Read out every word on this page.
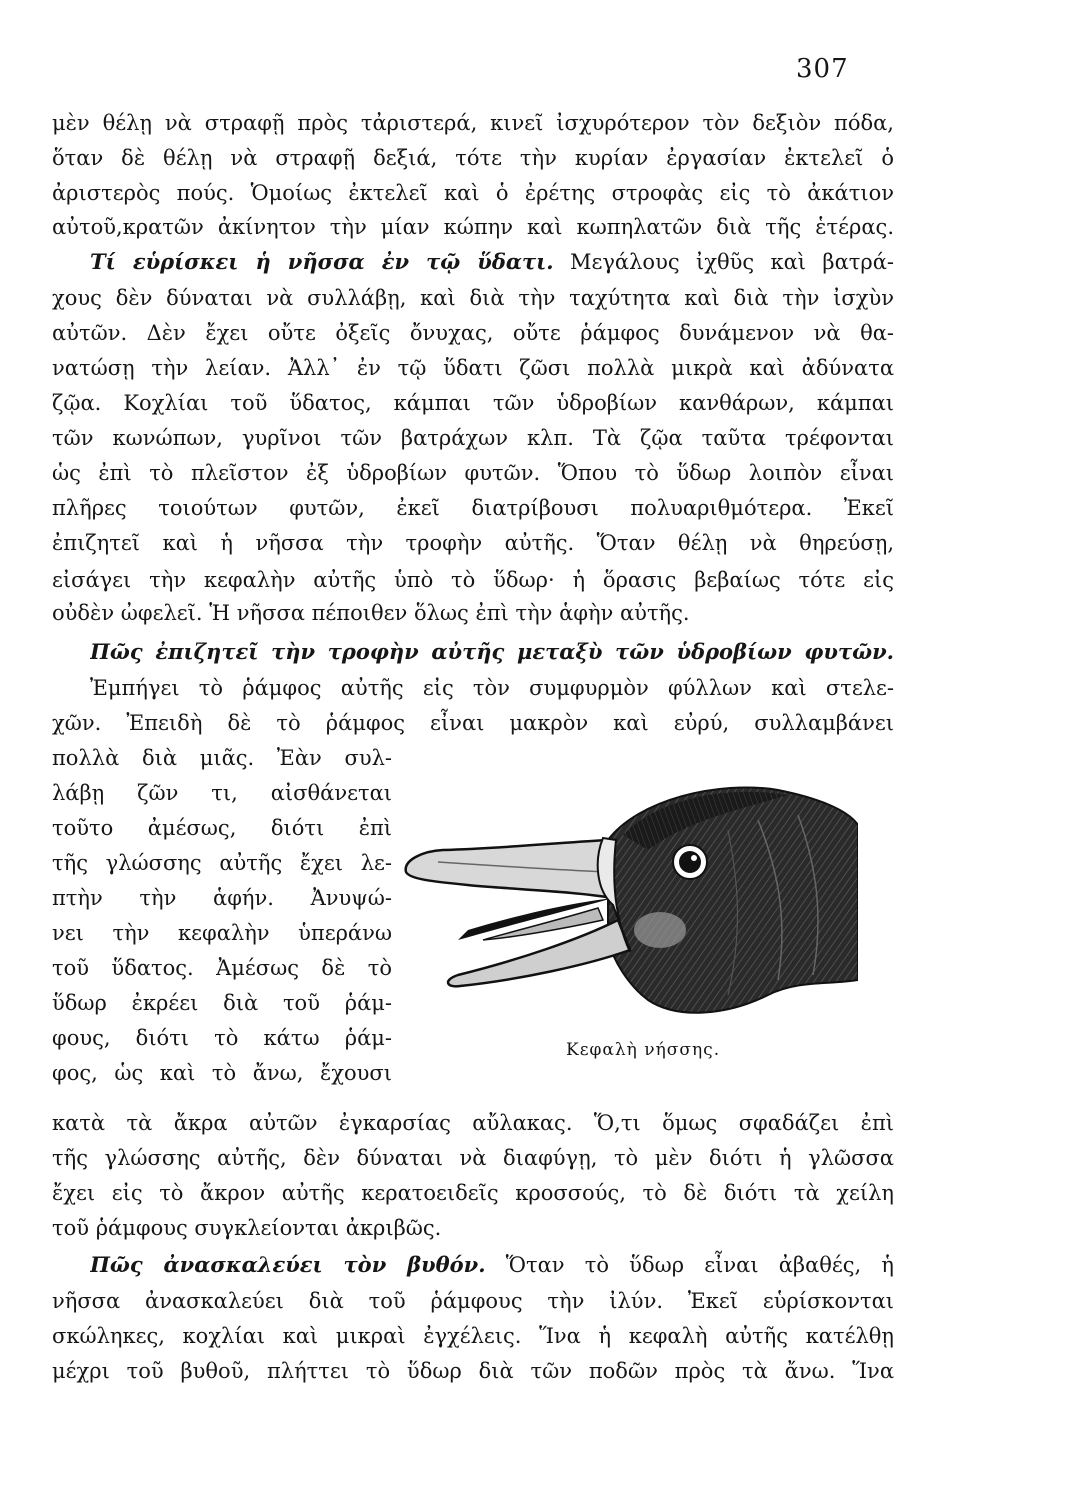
307
μὲν θέλῃ νὰ στραφῇ πρὸς τἀριστερά, κινεῖ ἰσχυρότερον τὸν δεξιὸν πόδα,
ὅταν δὲ θέλῃ νὰ στραφῇ δεξιά, τότε τὴν κυρίαν ἐργασίαν ἐκτελεῖ ὁ
ἀριστερὸς πούς. Ὁμοίως ἐκτελεῖ καὶ ὁ ἐρέτης στροφὰς εἰς τὸ ἀκάτιον
αὐτοῦ,κρατῶν ἀκίνητον τὴν μίαν κώπην καὶ κωπηλατῶν διὰ τῆς ἑτέρας.
Τί εὑρίσκει ἡ νῆσσα ἐν τῷ ὕδατι. Μεγάλους ἰχθῦς καὶ βατρά-
χους δὲν δύναται νὰ συλλάβῃ, καὶ διὰ τὴν ταχύτητα καὶ διὰ τὴν ἰσχὺν
αὐτῶν. Δὲν ἔχει οὔτε ὀξεῖς ὄνυχας, οὔτε ῥάμφος δυνάμενον νὰ θα-
νατώσῃ τὴν λείαν. Ἀλλ᾽ ἐν τῷ ὕδατι ζῶσι πολλὰ μικρὰ καὶ ἀδύνατα
ζῷα. Κοχλίαι τοῦ ὕδατος, κάμπαι τῶν ὑδροβίων κανθάρων, κάμπαι
τῶν κωνώπων, γυρῖνοι τῶν βατράχων κλπ. Τὰ ζῷα ταῦτα τρέφονται
ὡς ἐπὶ τὸ πλεῖστον ἐξ ὑδροβίων φυτῶν. Ὅπου τὸ ὕδωρ λοιπὸν εἶναι
πλῆρες τοιούτων φυτῶν, ἐκεῖ διατρίβουσι πολυαριθμότερα. Ἐκεῖ
ἐπιζητεῖ καὶ ἡ νῆσσα τὴν τροφὴν αὐτῆς. Ὅταν θέλῃ νὰ θηρεύσῃ,
εἰσάγει τὴν κεφαλὴν αὐτῆς ὑπὸ τὸ ὕδωρ· ἡ ὅρασις βεβαίως τότε εἰς
οὐδὲν ὠφελεῖ. Ἡ νῆσσα πέποιθεν ὅλως ἐπὶ τὴν ἁφὴν αὐτῆς.
Πῶς ἐπιζητεῖ τὴν τροφὴν αὐτῆς μεταξὺ τῶν ὑδροβίων φυτῶν.
Ἐμπήγει τὸ ῥάμφος αὐτῆς εἰς τὸν συμφυρμὸν φύλλων καὶ στελε-
χῶν. Ἐπειδὴ δὲ τὸ ῥάμφος εἶναι μακρὸν καὶ εὐρύ, συλλαμβάνει
πολλὰ διὰ μιᾶς. Ἐὰν συλ-
λάβῃ ζῶν τι, αἰσθάνεται
τοῦτο ἀμέσως, διότι ἐπὶ
τῆς γλώσσης αὐτῆς ἔχει λε-
πτὴν τὴν ἁφήν. Ἀνυψώ-
νει τὴν κεφαλὴν ὑπεράνω
τοῦ ὕδατος. Ἀμέσως δὲ τὸ
ὕδωρ ἐκρέει διὰ τοῦ ῥάμ-
φους, διότι τὸ κάτω ῥάμ-
φος, ὡς καὶ τὸ ἄνω, ἔχουσι
Κεφαλὴ νήσσης.
κατὰ τὰ ἄκρα αὐτῶν ἐγκαρσίας αὔλακας. Ὅ,τι ὅμως σφαδάζει ἐπὶ
τῆς γλώσσης αὐτῆς, δὲν δύναται νὰ διαφύγῃ, τὸ μὲν διότι ἡ γλῶσσα
ἔχει εἰς τὸ ἄκρον αὐτῆς κερατοειδεῖς κροσσούς, τὸ δὲ διότι τὰ χείλη
τοῦ ῥάμφους συγκλείονται ἀκριβῶς.
Πῶς ἀνασκαλεύει τὸν βυθόν. Ὅταν τὸ ὕδωρ εἶναι ἀβαθές, ἡ
νῆσσα ἀνασκαλεύει διὰ τοῦ ῥάμφους τὴν ἰλύν. Ἐκεῖ εὑρίσκονται
σκώληκες, κοχλίαι καὶ μικραὶ ἐγχέλεις. Ἵνα ἡ κεφαλὴ αὐτῆς κατέλθῃ
μέχρι τοῦ βυθοῦ, πλήττει τὸ ὕδωρ διὰ τῶν ποδῶν πρὸς τὰ ἄνω. Ἵνα
